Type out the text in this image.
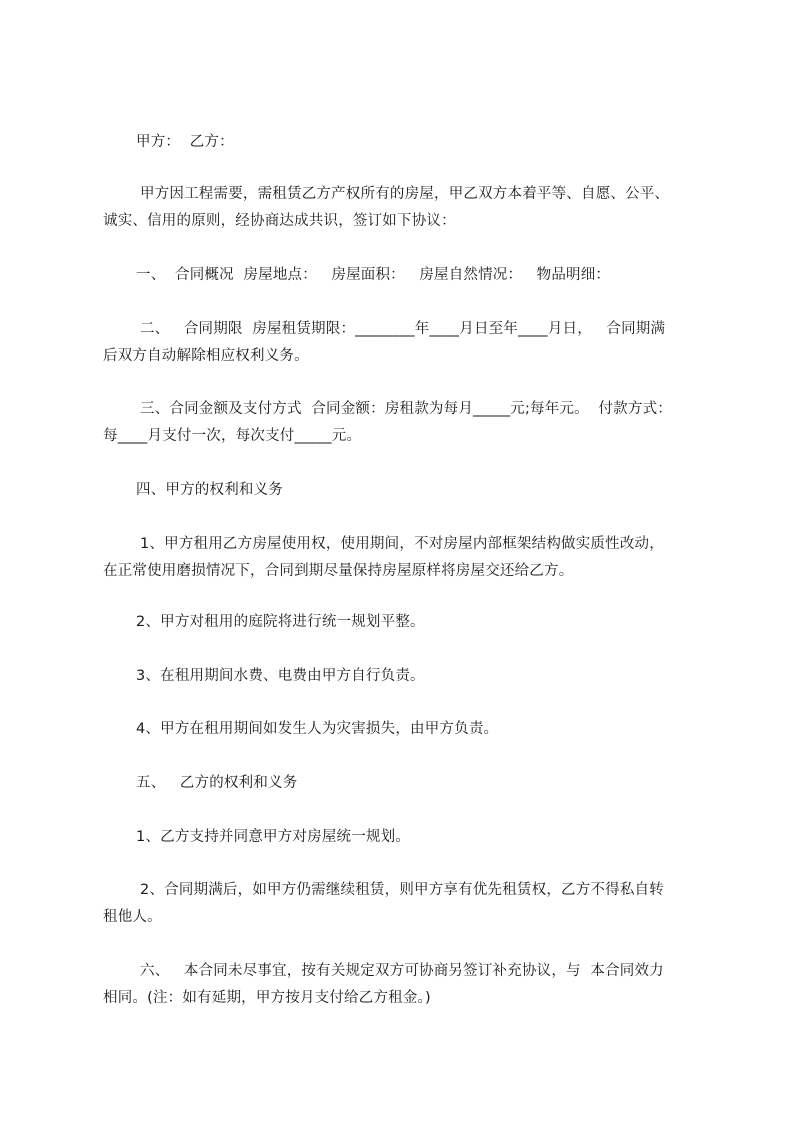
甲方：  乙方：

甲方因工程需要，需租赁乙方产权所有的房屋，甲乙双方本着平等、自愿、公平、

诚实、信用的原则，经协商达成共识，签订如下协议：

一、  合同概况  房屋地点：   房屋面积：   房屋自然情况：   物品明细：

二、   合同期限  房屋租赁期限：________年____月日至年____月日，   合同期满

后双方自动解除相应权利义务。

三、合同金额及支付方式  合同金额：房租款为每月_____元;每年元。  付款方式：

每____月支付一次，每次支付_____元。

四、甲方的权利和义务

1、甲方租用乙方房屋使用权，使用期间，不对房屋内部框架结构做实质性改动，

在正常使用磨损情况下，合同到期尽量保持房屋原样将房屋交还给乙方。

2、甲方对租用的庭院将进行统一规划平整。

3、在租用期间水费、电费由甲方自行负责。

4、甲方在租用期间如发生人为灾害损失，由甲方负责。

五、   乙方的权利和义务

1、乙方支持并同意甲方对房屋统一规划。

2、合同期满后，如甲方仍需继续租赁，则甲方享有优先租赁权，乙方不得私自转

租他人。

六、   本合同未尽事宜，按有关规定双方可协商另签订补充协议，与  本合同效力

相同。(注：如有延期，甲方按月支付给乙方租金。)
